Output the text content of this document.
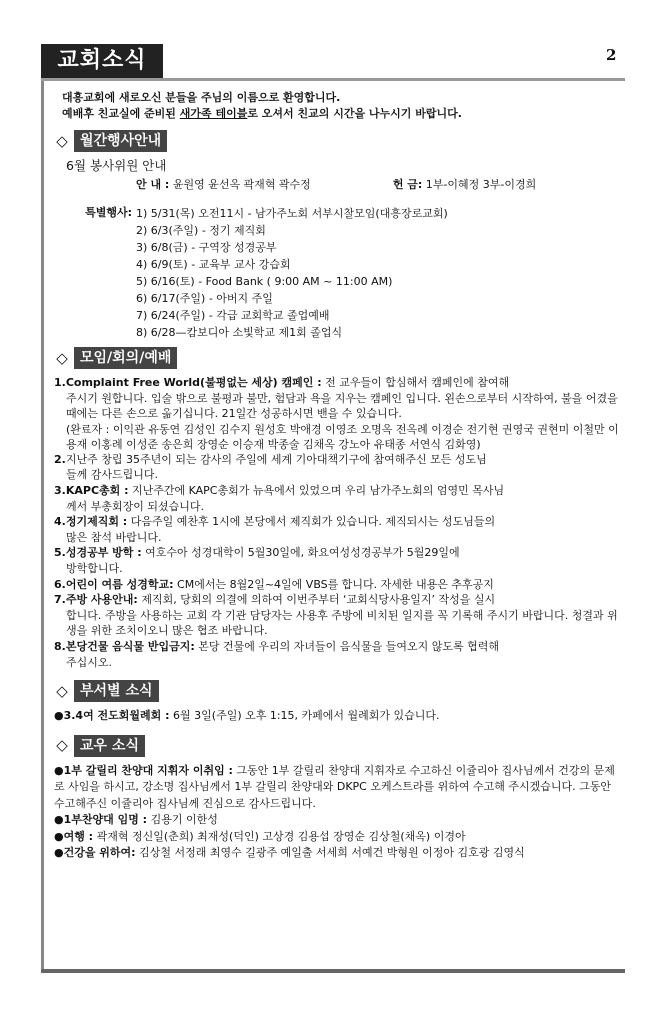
교회소식	2
대흥교회에 새로오신 분들을 주님의 이름으로 환영합니다.
예배후 친교실에 준비된 새가족 테이블로 오셔서 친교의 시간을 나누시기 바랍니다.
◇ 월간행사안내
6월 봉사위원 안내
안 내 :
윤원영 윤선옥 곽재혁 곽수정	헌 금:
1부-이혜정 3부-이경희
특별행사: 1) 5/31(목) 오전11시 - 남가주노회 서부시찰모임(대흥장로교회)
2) 6/3(주일) - 정기 제직회
3) 6/8(금) - 구역장 성경공부
4) 6/9(토) - 교육부 교사 강습회
5) 6/16(토) - Food Bank ( 9:00 AM ~ 11:00 AM)
6) 6/17(주일) - 아버지 주일
7) 6/24(주일) - 각급 교회학교 졸업예배
8) 6/28—캄보디아 소빛학교 제1회 졸업식
◇ 모임/회의/예배
1.Complaint Free World(불평없는 세상) 캠페인 : 전 교우들이 합심해서 캠페인에 참여해
주시기 원합니다. 입술 밖으로 불평과 불만, 험담과 욕을 지우는 캠페인 입니다. 왼손으로부터 시작하여, 불을 어겼을 때에는 다른 손으로 옮기십니다. 21일간 성공하시면 밴을 수 있습니다.
(완료자 : 이익관 유동연 김성인 김수지 원성호 박애경 이영조 오명옥 전옥례 이경순 전기현 권영국 권현미 이철만 이용재 이홍례 이성준 송은희 장영순 이승재 박종술 김채옥 강노아 유태종 서연식 김화영)
2.지난주 창립 35주년이 되는 감사의 주일에 세계 기아대책기구에 참여해주신 모든 성도님
들께 감사드립니다.
3.KAPC총회 : 지난주간에 KAPC총회가 뉴욕에서 있었으며 우리 남가주노회의 엄영민 목사님
께서 부총회장이 되셨습니다.
4.정기제직회 : 다음주일 예찬후 1시에 본당에서 제직회가 있습니다. 제직되시는 성도님들의
많은 참석 바랍니다.
5.성경공부 방학 : 여호수아 성경대학이 5월30일에, 화요여성성경공부가 5월29일에
방학합니다.
6.어린이 여름 성경학교: CM에서는 8월2일~4일에 VBS를 합니다. 자세한 내용은 추후공지
7.주방 사용안내: 제직회, 당회의 의결에 의하여 이번주부터 ‘교회식당사용일지’ 작성을 실시
합니다. 주방을 사용하는 교회 각 기관 담당자는 사용후 주방에 비치된 일지를 꼭 기록해 주시기 바랍니다. 청결과 위생을 위한 조치이오니 많은 협조 바랍니다.
8.본당건물 음식물 반입금지: 본당 건물에 우리의 자녀들이 음식물을 들여오지 않도록 협력해
주십시오.
◇ 부서별 소식
●3.4여 전도회월례회 : 6월 3일(주일) 오후 1:15, 카페에서 월례회가 있습니다.
◇ 교우 소식
●1부 갈릴리 찬양대 지휘자 이취임 : 그동안 1부 갈릴리 찬양대 지휘자로 수고하신 이쥴리아 집사님께서 건강의 문제로 사임을 하시고, 강소명 집사님께서 1부 갈릴리 찬양대와 DKPC 오케스트라를 위하여 수고해 주시겠습니다. 그동안 수고해주신 이쥴리아 집사님께 진심으로 감사드립니다.
●1부찬양대 임명 : 김용기 이한성
●여행 : 곽재혁 정신일(춘희) 최재성(덕인) 고상경 김용섭 장영순 김상철(채옥) 이경아
●건강을 위하여: 김상철 서정래 최영수 길광주 예일출 서세희 서예건 박형원 이정아 김호광 김영식
